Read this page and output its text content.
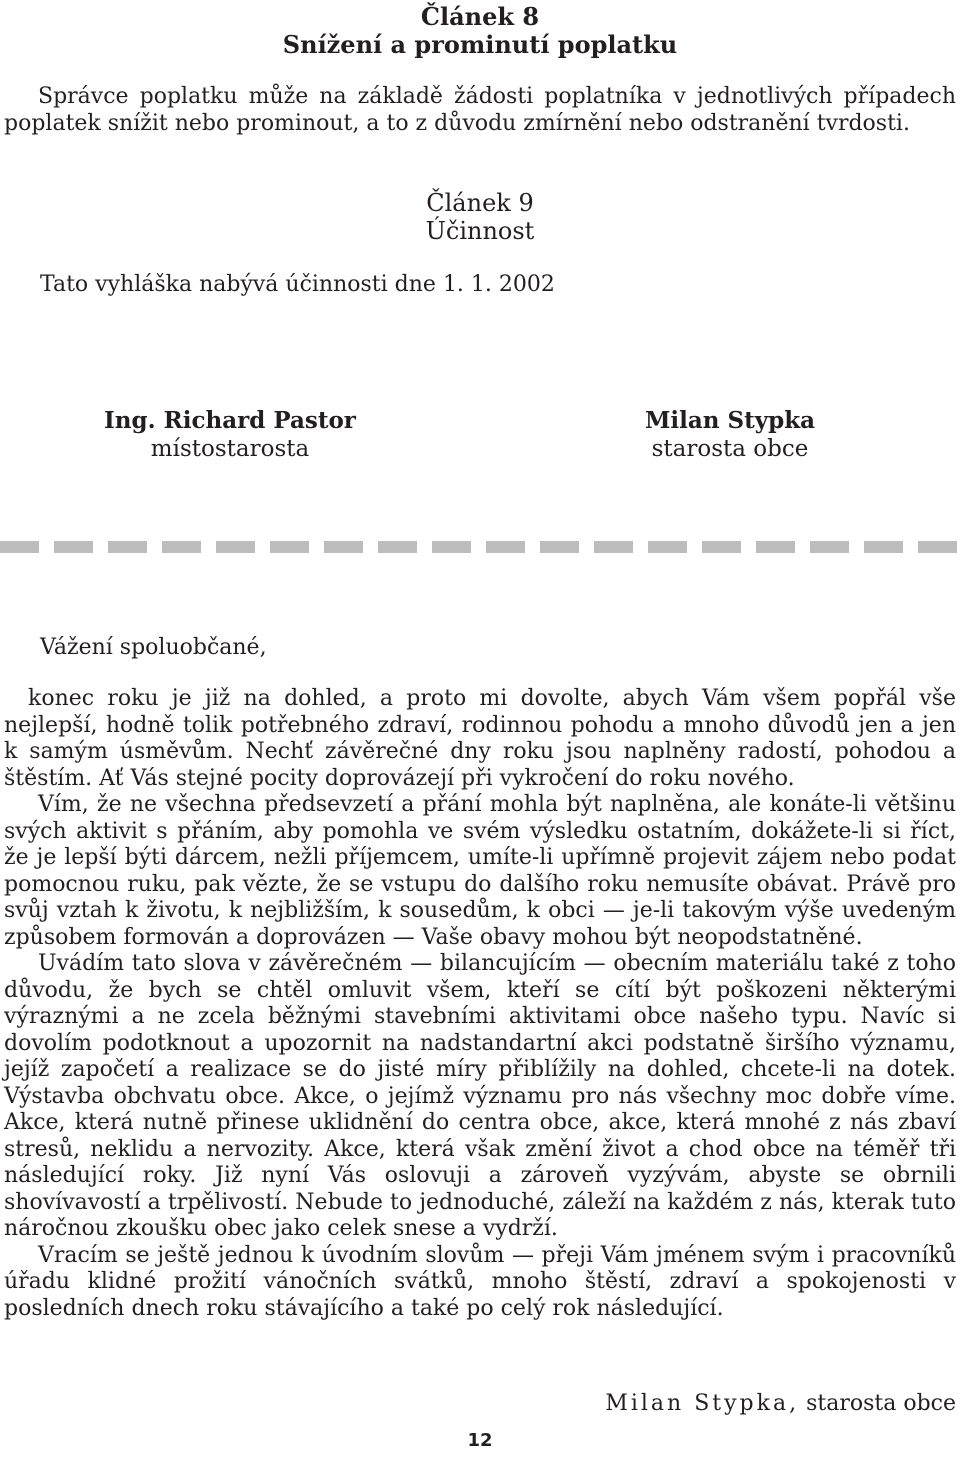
Článek 8
Snížení a prominutí poplatku
Správce poplatku může na základě žádosti poplatníka v jednotlivých případech poplatek snížit nebo prominout, a to z důvodu zmírnění nebo odstranění tvrdosti.
Článek 9
Účinnost
Tato vyhláška nabývá účinnosti dne 1. 1. 2002
Ing. Richard Pastor
místostarosta
Milan Stypka
starosta obce
Vážení spoluobčané,

konec roku je již na dohled, a proto mi dovolte, abych Vám všem popřál vše nejlepší, hodně tolik potřebného zdraví, rodinnou pohodu a mnoho důvodů jen a jen k samým úsměvům. Nechť závěrečné dny roku jsou naplněny radostí, pohodou a štěstím. Ať Vás stejné pocity doprovázejí při vykročení do roku nového.

Vím, že ne všechna předsevzetí a přání mohla být naplněna, ale konáte-li většinu svých aktivit s přáním, aby pomohla ve svém výsledku ostatním, dokážete-li si říct, že je lepší býti dárcem, nežli příjemcem, umíte-li upřímně projevit zájem nebo podat pomocnou ruku, pak vězte, že se vstupu do dalšího roku nemusíte obávat. Právě pro svůj vztah k životu, k nejbližším, k sousedům, k obci — je-li takovým výše uvedeným způsobem formován a doprovázen — Vaše obavy mohou být neopodstatněné.

Uvádím tato slova v závěrečném — bilancujícím — obecním materiálu také z toho důvodu, že bych se chtěl omluvit všem, kteří se cítí být poškozeni některými výraznými a ne zcela běžnými stavebními aktivitami obce našeho typu. Navíc si dovolím podotknout a upozornit na nadstandartní akci podstatně širšího významu, jejíž započetí a realizace se do jisté míry přiblížily na dohled, chcete-li na dotek. Výstavba obchvatu obce. Akce, o jejímž významu pro nás všechny moc dobře víme. Akce, která nutně přinese uklidnění do centra obce, akce, která mnohé z nás zbaví stresů, neklidu a nervozity. Akce, která však změní život a chod obce na téměř tři následující roky. Již nyní Vás oslovuji a zároveň vyzývám, abyste se obrnili shovívavostí a trpělivostí. Nebude to jednoduché, záleží na každém z nás, kterak tuto náročnou zkoušku obec jako celek snese a vydrží.

Vracím se ještě jednou k úvodním slovům — přeji Vám jménem svým i pracovníků úřadu klidné prožití vánočních svátků, mnoho štěstí, zdraví a spokojenosti v posledních dnech roku stávajícího a také po celý rok následující.

Milan Stypka, starosta obce
12
